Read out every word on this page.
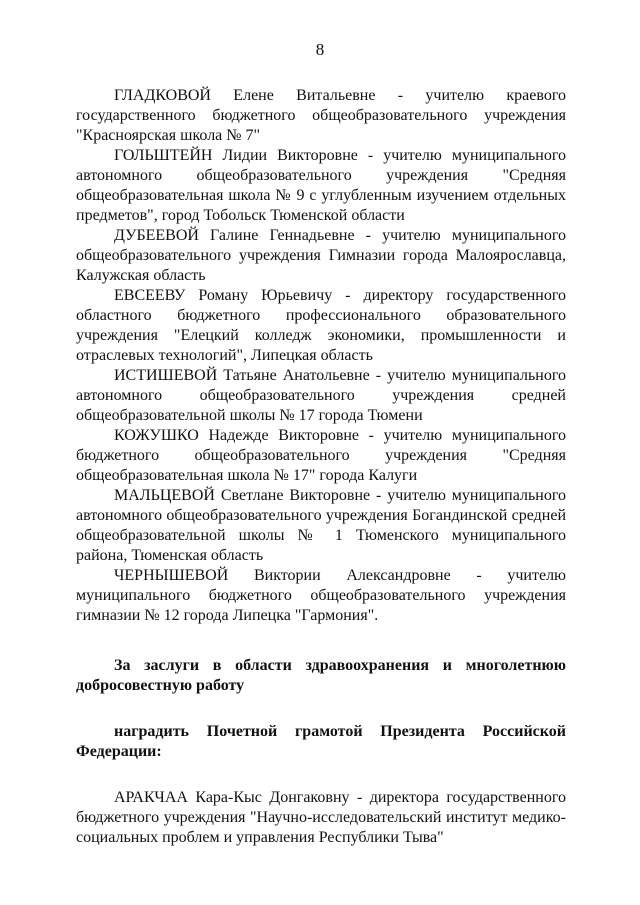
8

ГЛАДКОВОЙ Елене Витальевне - учителю краевого государственного бюджетного общеобразовательного учреждения "Красноярская школа № 7"

ГОЛЬШТЕЙН Лидии Викторовне - учителю муниципального автономного общеобразовательного учреждения "Средняя общеобразовательная школа № 9 с углубленным изучением отдельных предметов", город Тобольск Тюменской области

ДУБЕЕВОЙ Галине Геннадьевне - учителю муниципального общеобразовательного учреждения Гимназии города Малоярославца, Калужская область

ЕВСЕЕВУ Роману Юрьевичу - директору государственного областного бюджетного профессионального образовательного учреждения "Елецкий колледж экономики, промышленности и отраслевых технологий", Липецкая область

ИСТИШЕВОЙ Татьяне Анатольевне - учителю муниципального автономного общеобразовательного учреждения средней общеобразовательной школы № 17 города Тюмени

КОЖУШКО Надежде Викторовне - учителю муниципального бюджетного общеобразовательного учреждения "Средняя общеобразовательная школа № 17" города Калуги

МАЛЬЦЕВОЙ Светлане Викторовне - учителю муниципального автономного общеобразовательного учреждения Богандинской средней общеобразовательной школы № 1 Тюменского муниципального района, Тюменская область

ЧЕРНЫШЕВОЙ Виктории Александровне - учителю муниципального бюджетного общеобразовательного учреждения гимназии № 12 города Липецка "Гармония".

За заслуги в области здравоохранения и многолетнюю добросовестную работу

наградить Почетной грамотой Президента Российской Федерации:

АРАКЧАА Кара-Кыс Донгаковну - директора государственного бюджетного учреждения "Научно-исследовательский институт медико-социальных проблем и управления Республики Тыва"
